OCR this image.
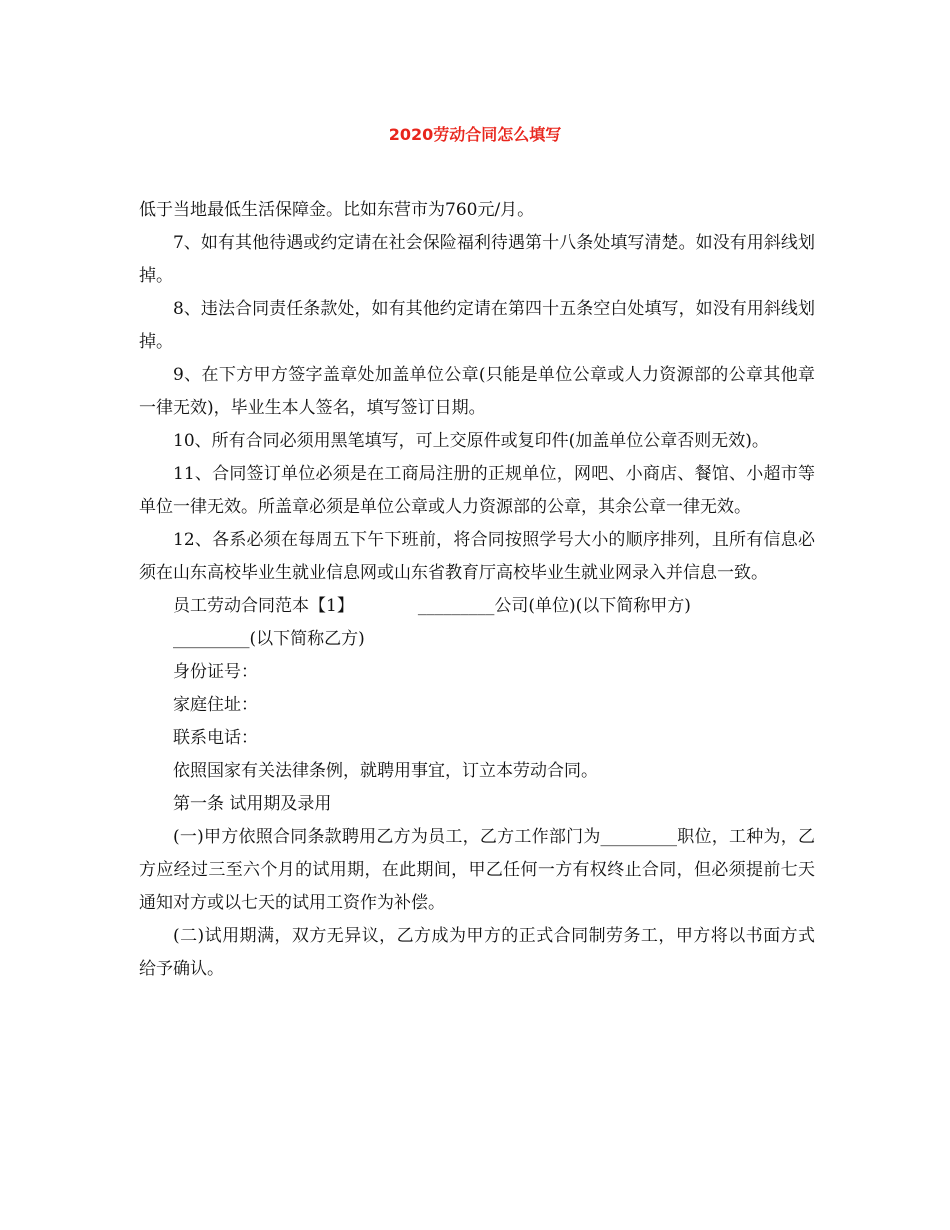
2020劳动合同怎么填写

低于当地最低生活保障金。比如东营市为760元/月。

7、如有其他待遇或约定请在社会保险福利待遇第十八条处填写清楚。如没有用斜线划掉。

8、违法合同责任条款处，如有其他约定请在第四十五条空白处填写，如没有用斜线划掉。

9、在下方甲方签字盖章处加盖单位公章(只能是单位公章或人力资源部的公章其他章一律无效)，毕业生本人签名，填写签订日期。

10、所有合同必须用黑笔填写，可上交原件或复印件(加盖单位公章否则无效)。

11、合同签订单位必须是在工商局注册的正规单位，网吧、小商店、餐馆、小超市等单位一律无效。所盖章必须是单位公章或人力资源部的公章，其余公章一律无效。

12、各系必须在每周五下午下班前，将合同按照学号大小的顺序排列，且所有信息必须在山东高校毕业生就业信息网或山东省教育厅高校毕业生就业网录入并信息一致。

员工劳动合同范本【1】	_________公司(单位)(以下简称甲方)

_________(以下简称乙方)

身份证号：

家庭住址：

联系电话：

依照国家有关法律条例，就聘用事宜，订立本劳动合同。

第一条 试用期及录用

(一)甲方依照合同条款聘用乙方为员工，乙方工作部门为_________职位，工种为，乙方应经过三至六个月的试用期，在此期间，甲乙任何一方有权终止合同，但必须提前七天通知对方或以七天的试用工资作为补偿。

(二)试用期满，双方无异议，乙方成为甲方的正式合同制劳务工，甲方将以书面方式给予确认。
